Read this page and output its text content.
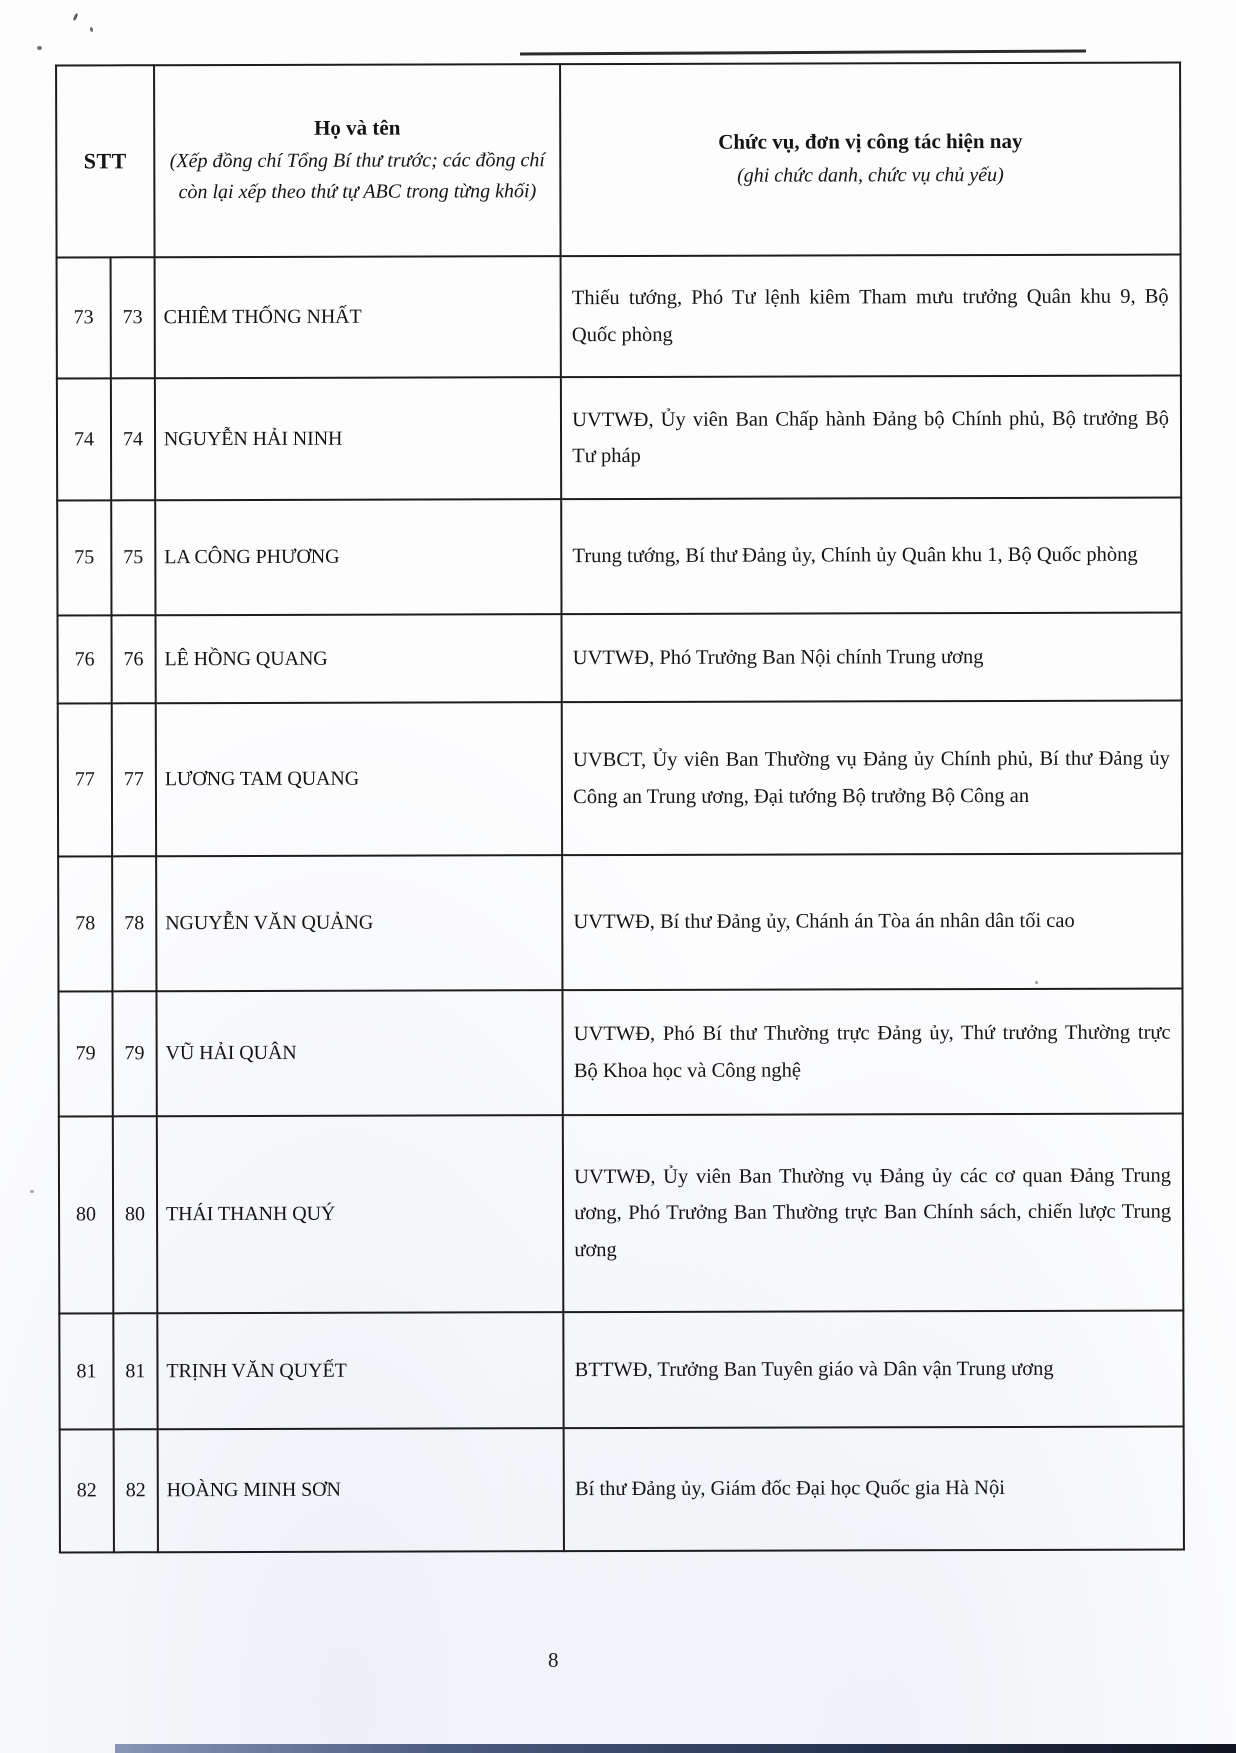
STT	
Họ và tên
(Xếp đồng chí Tổng Bí thư trước; các đồng chí còn lại xếp theo thứ tự ABC trong từng khối)

Chức vụ, đơn vị công tác hiện nay
(ghi chức danh, chức vụ chủ yếu)

73	73	CHIÊM THỐNG NHẤT	Thiếu tướng, Phó Tư lệnh kiêm Tham mưu trưởng Quân khu 9, Bộ Quốc phòng
74	74	NGUYỄN HẢI NINH	UVTWĐ, Ủy viên Ban Chấp hành Đảng bộ Chính phủ, Bộ trưởng Bộ Tư pháp
75	75	LA CÔNG PHƯƠNG	Trung tướng, Bí thư Đảng ủy, Chính ủy Quân khu 1, Bộ Quốc phòng
76	76	LÊ HỒNG QUANG	UVTWĐ, Phó Trưởng Ban Nội chính Trung ương
77	77	LƯƠNG TAM QUANG	UVBCT, Ủy viên Ban Thường vụ Đảng ủy Chính phủ, Bí thư Đảng ủy Công an Trung ương, Đại tướng Bộ trưởng Bộ Công an
78	78	NGUYỄN VĂN QUẢNG	UVTWĐ, Bí thư Đảng ủy, Chánh án Tòa án nhân dân tối cao
79	79	VŨ HẢI QUÂN	UVTWĐ, Phó Bí thư Thường trực Đảng ủy, Thứ trưởng Thường trực Bộ Khoa học và Công nghệ
80	80	THÁI THANH QUÝ	UVTWĐ, Ủy viên Ban Thường vụ Đảng ủy các cơ quan Đảng Trung ương, Phó Trưởng Ban Thường trực Ban Chính sách, chiến lược Trung ương
81	81	TRỊNH VĂN QUYẾT	BTTWĐ, Trưởng Ban Tuyên giáo và Dân vận Trung ương
82	82	HOÀNG MINH SƠN	Bí thư Đảng ủy, Giám đốc Đại học Quốc gia Hà Nội
8
